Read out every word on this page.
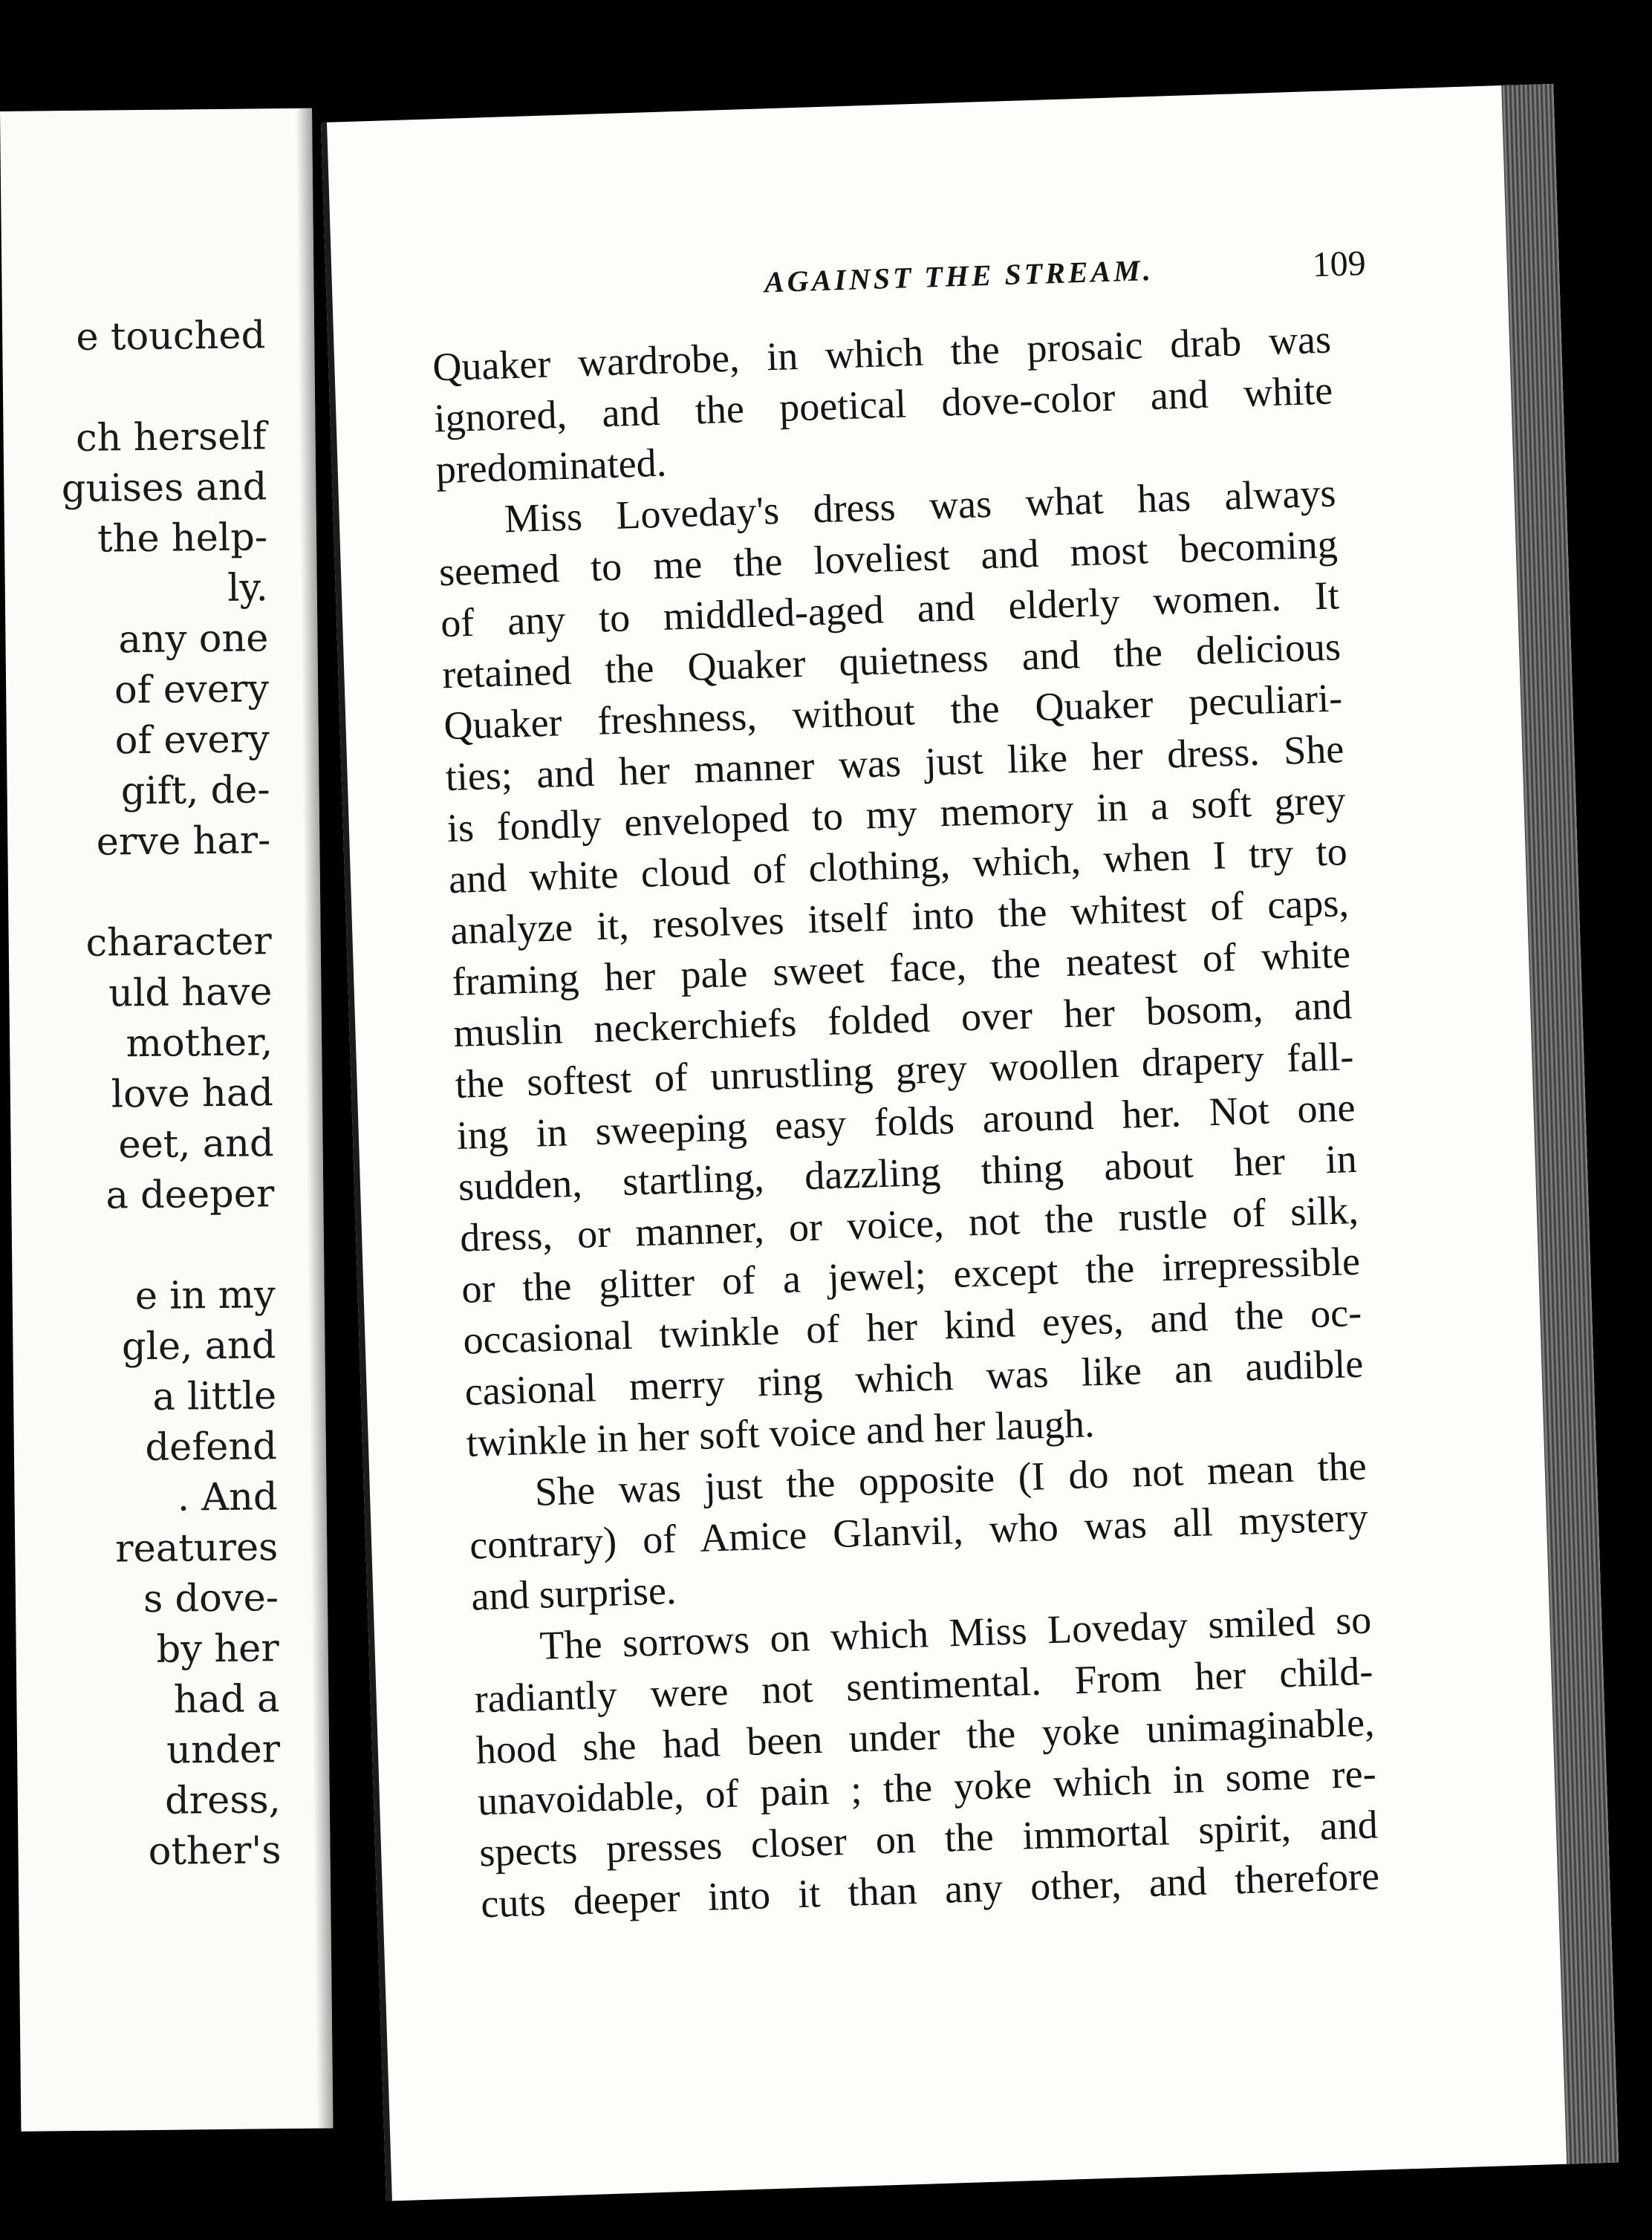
e touched
ch herself
guises and
the help-
ly.
any one
of every
of every
gift, de-
erve har-
character
uld have
mother,
love had
eet, and
a deeper
e in my
gle, and
a little
defend
. And
reatures
s dove-
by her
had a
under
dress,
other's
AGAINST THE STREAM.	109
Quaker wardrobe, in which the prosaic drab was
ignored, and the poetical dove-color and white
predominated.
Miss Loveday's dress was what has always
seemed to me the loveliest and most becoming
of any to middled-aged and elderly women. It
retained the Quaker quietness and the delicious
Quaker freshness, without the Quaker peculiari-
ties; and her manner was just like her dress. She
is fondly enveloped to my memory in a soft grey
and white cloud of clothing, which, when I try to
analyze it, resolves itself into the whitest of caps,
framing her pale sweet face, the neatest of white
muslin neckerchiefs folded over her bosom, and
the softest of unrustling grey woollen drapery fall-
ing in sweeping easy folds around her. Not one
sudden, startling, dazzling thing about her in
dress, or manner, or voice, not the rustle of silk,
or the glitter of a jewel; except the irrepressible
occasional twinkle of her kind eyes, and the oc-
casional merry ring which was like an audible
twinkle in her soft voice and her laugh.
She was just the opposite (I do not mean the
contrary) of Amice Glanvil, who was all mystery
and surprise.
The sorrows on which Miss Loveday smiled so
radiantly were not sentimental. From her child-
hood she had been under the yoke unimaginable,
unavoidable, of pain ; the yoke which in some re-
spects presses closer on the immortal spirit, and
cuts deeper into it than any other, and therefore
